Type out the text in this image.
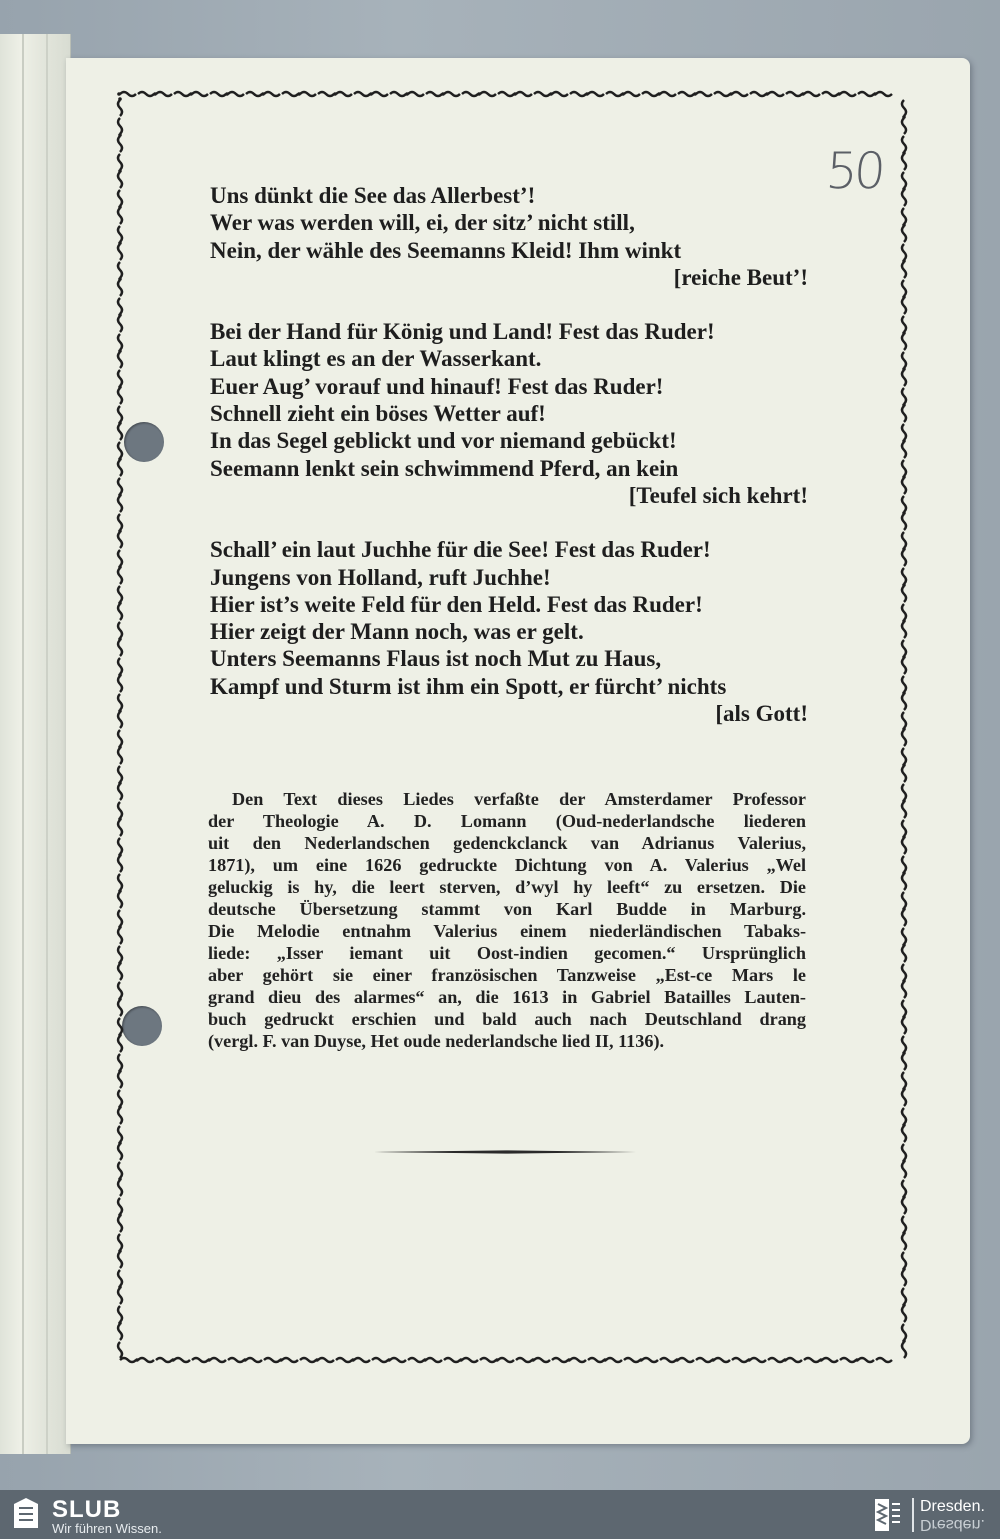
50
Uns dünkt die See das Allerbest’!
Wer was werden will, ei, der sitz’ nicht still,
Nein, der wähle des Seemanns Kleid! Ihm winkt
[reiche Beut’!
Bei der Hand für König und Land! Fest das Ruder!
Laut klingt es an der Wasserkant.
Euer Aug’ vorauf und hinauf! Fest das Ruder!
Schnell zieht ein böses Wetter auf!
In das Segel geblickt und vor niemand gebückt!
Seemann lenkt sein schwimmend Pferd, an kein
[Teufel sich kehrt!
Schall’ ein laut Juchhe für die See! Fest das Ruder!
Jungens von Holland, ruft Juchhe!
Hier ist’s weite Feld für den Held. Fest das Ruder!
Hier zeigt der Mann noch, was er gelt.
Unters Seemanns Flaus ist noch Mut zu Haus,
Kampf und Sturm ist ihm ein Spott, er fürcht’ nichts
[als Gott!
Den Text dieses Liedes verfaßte der Amsterdamer Professor
der Theologie A. D. Lomann (Oud-nederlandsche liederen
uit den Nederlandschen gedenckclanck van Adrianus Valerius,
1871), um eine 1626 gedruckte Dichtung von A. Valerius „Wel
geluckig is hy, die leert sterven, d’wyl hy leeft“ zu ersetzen. Die
deutsche Übersetzung stammt von Karl Budde in Marburg.
Die Melodie entnahm Valerius einem niederländischen Tabaks-
liede: „Isser iemant uit Oost-indien gecomen.“ Ursprünglich
aber gehört sie einer französischen Tanzweise „Est-ce Mars le
grand dieu des alarmes“ an, die 1613 in Gabriel Batailles Lauten-
buch gedruckt erschien und bald auch nach Deutschland drang
(vergl. F. van Duyse, Het oude nederlandsche lied II, 1136).
SLUB
Wir führen Wissen.
Dresden.
Dresden.
